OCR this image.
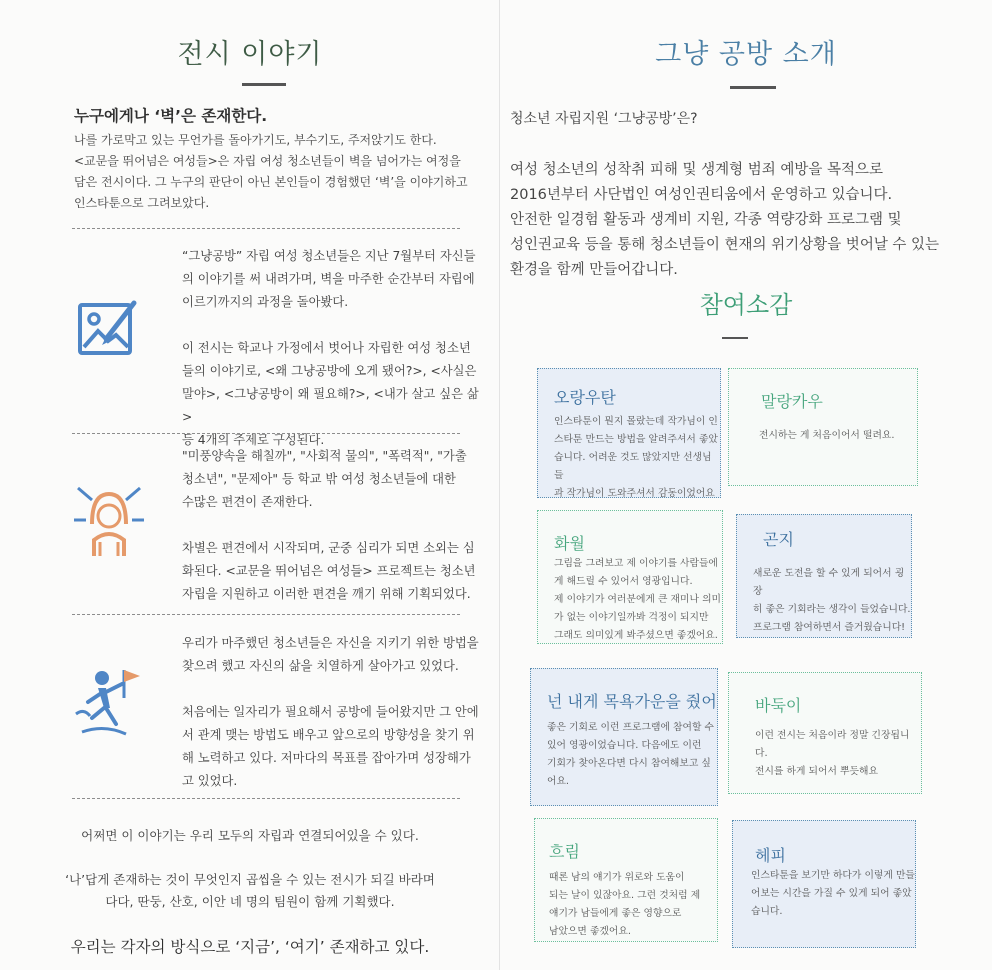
전시 이야기
누구에게나 ‘벽’은 존재한다.
나를 가로막고 있는 무언가를 돌아가기도, 부수기도, 주저앉기도 한다.
<교문을 뛰어넘은 여성들>은 자립 여성 청소년들이 벽을 넘어가는 여정을
담은 전시이다. 그 누구의 판단이 아닌 본인들이 경험했던 ‘벽’을 이야기하고
인스타툰으로 그려보았다.
“그냥공방” 자립 여성 청소년들은 지난 7월부터 자신들
의 이야기를 써 내려가며, 벽을 마주한 순간부터 자립에
이르기까지의 과정을 돌아봤다.

이 전시는 학교나 가정에서 벗어나 자립한 여성 청소년
들의 이야기로, <왜 그냥공방에 오게 됐어?>, <사실은
말야>, <그냥공방이 왜 필요해?>, <내가 살고 싶은 삶>
등 4개의 주제로 구성된다.
"미풍양속을 해칠까", "사회적 물의", "폭력적", "가출
청소년", "문제아" 등 학교 밖 여성 청소년들에 대한
수많은 편견이 존재한다.

차별은 편견에서 시작되며, 군중 심리가 되면 소외는 심
화된다. <교문을 뛰어넘은 여성들> 프로젝트는 청소년
자립을 지원하고 이러한 편견을 깨기 위해 기획되었다.
우리가 마주했던 청소년들은 자신을 지키기 위한 방법을
찾으려 했고 자신의 삶을 치열하게 살아가고 있었다.

처음에는 일자리가 필요해서 공방에 들어왔지만 그 안에
서 관계 맺는 방법도 배우고 앞으로의 방향성을 찾기 위
해 노력하고 있다. 저마다의 목표를 잡아가며 성장해가
고 있었다.
어쩌면 이 이야기는 우리 모두의 자립과 연결되어있을 수 있다.
‘나’답게 존재하는 것이 무엇인지 곱씹을 수 있는 전시가 되길 바라며
다다, 딴둥, 산호, 이안 네 명의 팀원이 함께 기획했다.
우리는 각자의 방식으로 ‘지금’, ‘여기’ 존재하고 있다.
그냥 공방 소개
청소년 자립지원 ‘그냥공방’은?
여성 청소년의 성착취 피해 및 생계형 범죄 예방을 목적으로
2016년부터 사단법인 여성인권티움에서 운영하고 있습니다.
안전한 일경험 활동과 생계비 지원, 각종 역량강화 프로그램 및
성인권교육 등을 통해 청소년들이 현재의 위기상황을 벗어날 수 있는
환경을 함께 만들어갑니다.
참여소감
오랑우탄
인스타툰이 뭔지 몰랐는데 작가님이 인
스타툰 만드는 방법을 알려주셔서 좋았
습니다. 어려운 것도 많았지만 선생님들
과 작가님이 도와주셔서 감동이었어요
말랑카우
전시하는 게 처음이어서 떨려요.
화월
그림을 그려보고 제 이야기를 사람들에
게 해드릴 수 있어서 영광입니다.
제 이야기가 여러분에게 큰 재미나 의미
가 없는 이야기일까봐 걱정이 되지만
그래도 의미있게 봐주셨으면 좋겠어요.
곤지
새로운 도전을 할 수 있게 되어서 굉장
히 좋은 기회라는 생각이 들었습니다.
프로그램 참여하면서 즐거웠습니다!
넌 내게 목욕가운을 줬어
좋은 기회로 이런 프로그램에 참여할 수
있어 영광이었습니다. 다음에도 이런
기회가 찾아온다면 다시 참여해보고 싶
어요.
바둑이
이런 전시는 처음이라 정말 긴장됩니다.
전시를 하게 되어서 뿌듯해요
흐림
때론 남의 얘기가 위로와 도움이
되는 날이 있잖아요. 그런 것처럼 제
얘기가 남들에게 좋은 영향으로
남았으면 좋겠어요.
헤피
인스타툰을 보기만 하다가 이렇게 만들
어보는 시간을 가질 수 있게 되어 좋았
습니다.
